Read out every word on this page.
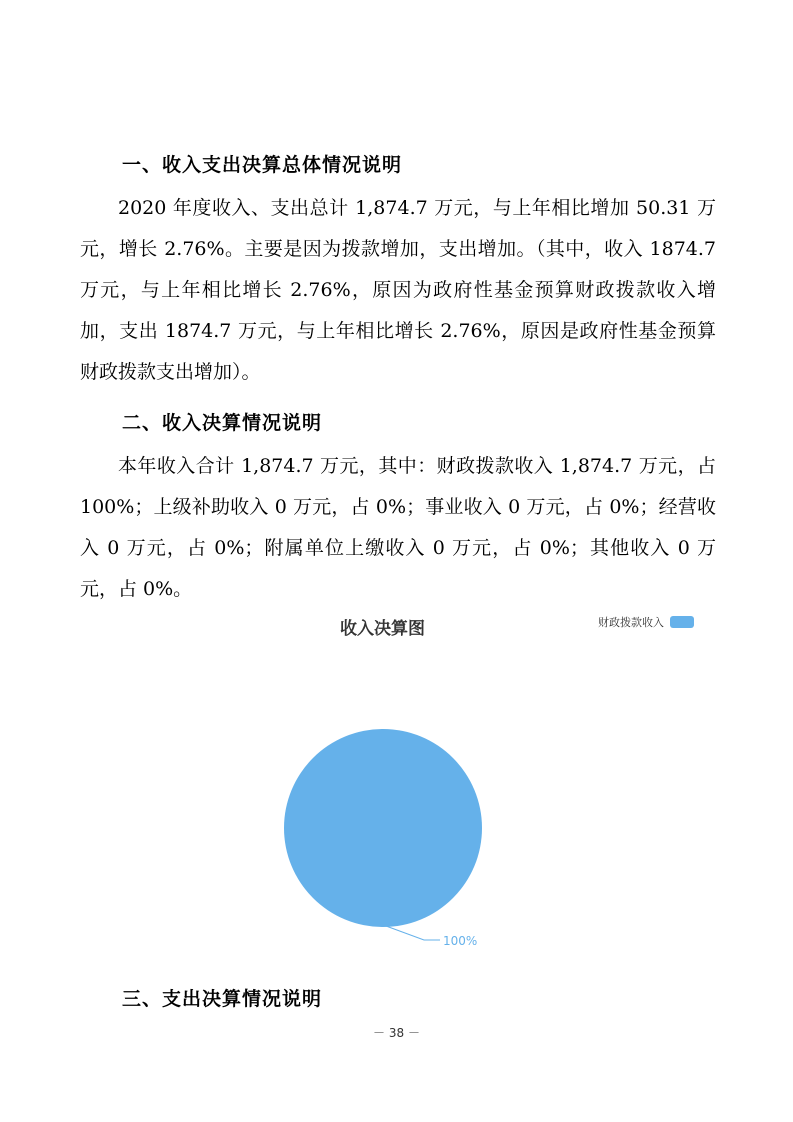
一、收入支出决算总体情况说明

2020 年度收入、支出总计 1,874.7 万元，与上年相比增加 50.31 万元，增长 2.76%。主要是因为拨款增加，支出增加。（其中，收入 1874.7 万元，与上年相比增长 2.76%，原因为政府性基金预算财政拨款收入增加，支出 1874.7 万元，与上年相比增长 2.76%，原因是政府性基金预算财政拨款支出增加）。

二、收入决算情况说明

本年收入合计 1,874.7 万元，其中：财政拨款收入 1,874.7 万元，占 100%；上级补助收入 0 万元，占 0%；事业收入 0 万元，占 0%；经营收入 0 万元，占 0%；附属单位上缴收入 0 万元，占 0%；其他收入 0 万元，占 0%。

收入决算图	财政拨款收入
100%
三、支出决算情况说明
－ 38 －
